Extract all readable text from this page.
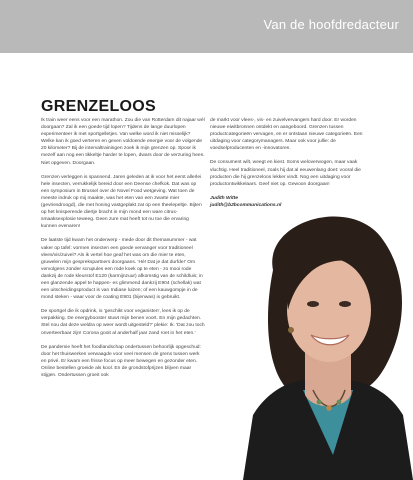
Van de hoofdredacteur
GRENZELOOS

Ik train weer eens voor een marathon. Zou die van Rotterdam dit najaar wél doorgaan? Zal ik een goede tijd lopen? Tijdens de lange duurlopen experimenteer ik met sportgelletjes. Van welke word ik niet misselijk? Welke kan ik goed verteren en geven voldoende energie voor de volgende 20 kilometer? Bij de intervaltrainingen zoek ik mijn grenzen op. Spoor ik mezelf aan nog een tikkeltje harder te lopen, dwars door de verzuring heen. Niet opgeven. Doorgaan.

Grenzen verleggen is spannend. Jaren geleden at ik voor het eerst allerlei hele insecten, verrukkelijk bereid door een Deense chefkok. Dat was op een symposium in Brussel over de Novel Food wetgeving. Wat toen de meeste indruk op mij maakte, was het eten van een zwarte mier (gevriesdroogd), die met honing vastgeplakt zat op een theelepeltje. Bijten op het knisperende diertje bracht in mijn mond een ware citrus-smaaksexplosie teweeg. Geen zure mat heeft tot nu toe die ervaring kunnen evenaren!

De laatste tijd kwam het onderwerp - mede door dit themanummer - wat vaker op tafel: vormen insecten een goede vervanger voor traditioneel vlees/vis/zuivel? Als ik vertel hoe geaf het was om die mier te eten, gruwelen mijn gesprekspartners doorgaans. 'Hè! Dat je dat durfde!' Om vervolgens zonder scrupules een rode koek op te eten - zo mooi rode dankzij de rode kleurstof E120 (karmijnzuur) afkomstig van de schildluis; in een glanzende appel te happen- es glimmend dankzij E904 (schellak) wat een uitscheidingsproduct is van Indiase luizen; of een kauwgompje in de mond steken - waar voor de coating E901 (bijenwas) is gebruikt.

De sportgel die ik opdrink, is 'geschikt voor veganisten', lees ik op de verpakking. De energybooster stuwt mijn benen voort. En mijn gedachten. Stel nou dat deze weldra op weer wordt uitgesteld?' plekie: Ik. 'Dat zou toch onverteerbaar zijn! Corona gooit al anderhalf jaar zand roet in het eten.'

De pandemie heeft het foodlandschap ondertussen behoorlijk opgeschud: door het thuiswerken verwaagde voor veel mensen de grens tussen werk en privé. Er kwam een frisse focus op meer bewegen en gezonder eten. Online bestellen groeide als kool. En de grondstofprijzen blijven maar stijgen. Ondertussen groeit ook

de markt voor vlees-, vis- en zuivelvervangers hard door. Er worden nieuwe eiwitbronnen ontdekt en aangeboord. Grenzen tussen productcategorieën vervagen, en er ontstaan nieuwe categorieën. Een uitdaging voor categorymanagers. Maar ook voor jullie: de voedselproducenten en -innovatoren.

De consument wilt, weegt en kiest. Soms weloverwogen, maar vaak vluchtig. Heel traditioneel, zoals hij dat al eeuwenlang doet: vooral die producten die hij grenzeloos lekker vindt. Nog een uitdaging voor productontwikkelaars. Geef niet op. Gewoon doorgaan!

Judith Witte
judith@b2bcommunications.nl
